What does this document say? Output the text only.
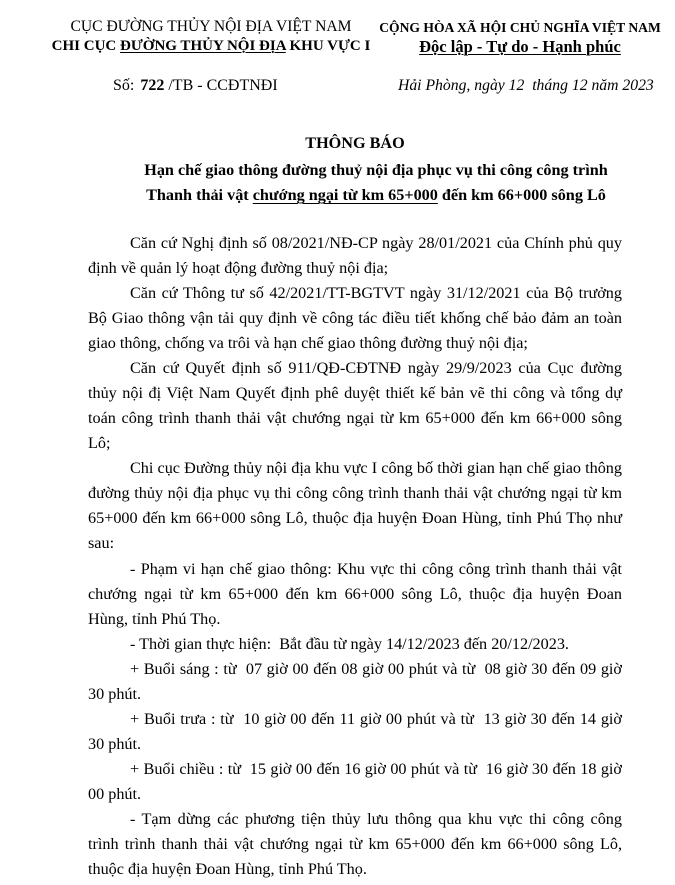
CỤC ĐƯỜNG THỦY NỘI ĐỊA VIỆT NAM
CHI CỤC ĐƯỜNG THỦY NỘI ĐỊA KHU VỰC I
CỘNG HÒA XÃ HỘI CHỦ NGHĨA VIỆT NAM
Độc lập - Tự do - Hạnh phúc
Số: 722 /TB - CCĐTNĐI	Hải Phòng, ngày 12  tháng 12 năm 2023
THÔNG BÁO
Hạn chế giao thông đường thuỷ nội địa phục vụ thi công công trình
Thanh thải vật chướng ngại từ km 65+000 đến km 66+000 sông Lô
Căn cứ Nghị định số 08/2021/NĐ-CP ngày 28/01/2021 của Chính phủ quy
định về quản lý hoạt động đường thuỷ nội địa;
Căn cứ Thông tư số 42/2021/TT-BGTVT ngày 31/12/2021 của Bộ trưởng
Bộ Giao thông vận tải quy định về công tác điều tiết khống chế bảo đảm an toàn
giao thông, chống va trôi và hạn chế giao thông đường thuỷ nội địa;
Căn cứ Quyết định số 911/QĐ-CĐTNĐ ngày 29/9/2023 của Cục đường
thủy nội đị Việt Nam Quyết định phê duyệt thiết kế bản vẽ thi công và tổng dự
toán công trình thanh thải vật chướng ngại từ km 65+000 đến km 66+000 sông
Lô;
Chi cục Đường thủy nội địa khu vực I công bố thời gian hạn chế giao thông
đường thủy nội địa phục vụ thi công công trình thanh thải vật chướng ngại từ km
65+000 đến km 66+000 sông Lô, thuộc địa huyện Đoan Hùng, tỉnh Phú Thọ như
sau:
- Phạm vi hạn chế giao thông: Khu vực thi công công trình thanh thải vật
chướng ngại từ km 65+000 đến km 66+000 sông Lô, thuộc địa huyện Đoan
Hùng, tỉnh Phú Thọ.
- Thời gian thực hiện:  Bắt đầu từ ngày 14/12/2023 đến 20/12/2023.
+ Buổi sáng : từ  07 giờ 00 đến 08 giờ 00 phút và từ  08 giờ 30 đến 09 giờ
30 phút.
+ Buổi trưa : từ  10 giờ 00 đến 11 giờ 00 phút và từ  13 giờ 30 đến 14 giờ
30 phút.
+ Buổi chiều : từ  15 giờ 00 đến 16 giờ 00 phút và từ  16 giờ 30 đến 18 giờ
00 phút.
- Tạm dừng các phương tiện thủy lưu thông qua khu vực thi công công
trình trình thanh thải vật chướng ngại từ km 65+000 đến km 66+000 sông Lô,
thuộc địa huyện Đoan Hùng, tỉnh Phú Thọ.
